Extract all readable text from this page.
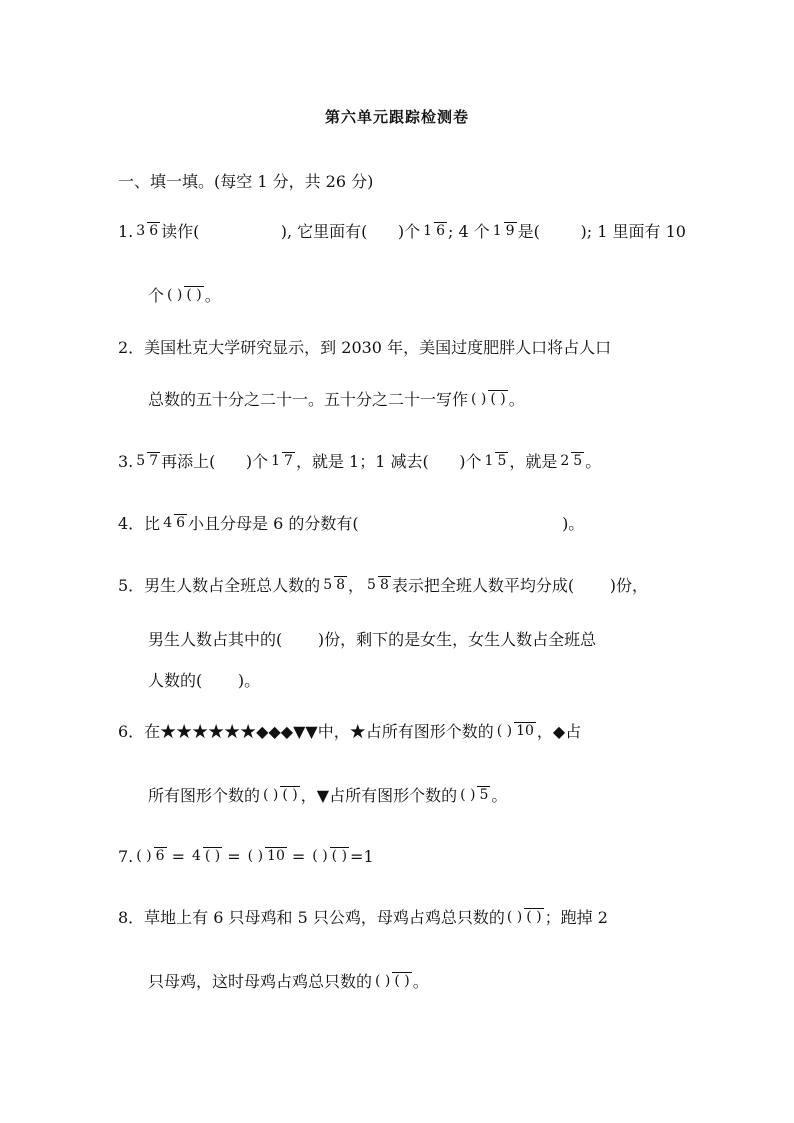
第六单元跟踪检测卷
一、填一填。(每空 1 分，共 26 分)
1. 3 6 读作(                ), 它里面有(      )个 1 6 ; 4 个 1 9 是(        ); 1 里面有 10
个 ( ) ( ) 。
2．美国杜克大学研究显示，到 2030 年，美国过度肥胖人口将占人口
总数的五十分之二十一。五十分之二十一写作 ( ) ( ) 。
3. 5 7 再添上(      )个 1 7 ，就是 1；1 减去(      )个 1 5 ，就是 2 5 。
4．比 4 6 小且分母是 6 的分数有(                                        )。
5．男生人数占全班总人数的 5 8 ， 5 8 表示把全班人数平均分成(       )份，
男生人数占其中的(       )份，剩下的是女生，女生人数占全班总
人数的(       )。
6．在★★★★★★◆◆◆▼▼中，★占所有图形个数的 ( ) 10 ，◆占
所有图形个数的 ( ) ( ) ，▼占所有图形个数的 ( ) 5 。
7. ( ) 6 = 4 ( ) = ( ) 10 = ( ) ( ) =1
8．草地上有 6 只母鸡和 5 只公鸡，母鸡占鸡总只数的 ( ) ( ) ；跑掉 2
只母鸡，这时母鸡占鸡总只数的 ( ) ( ) 。
